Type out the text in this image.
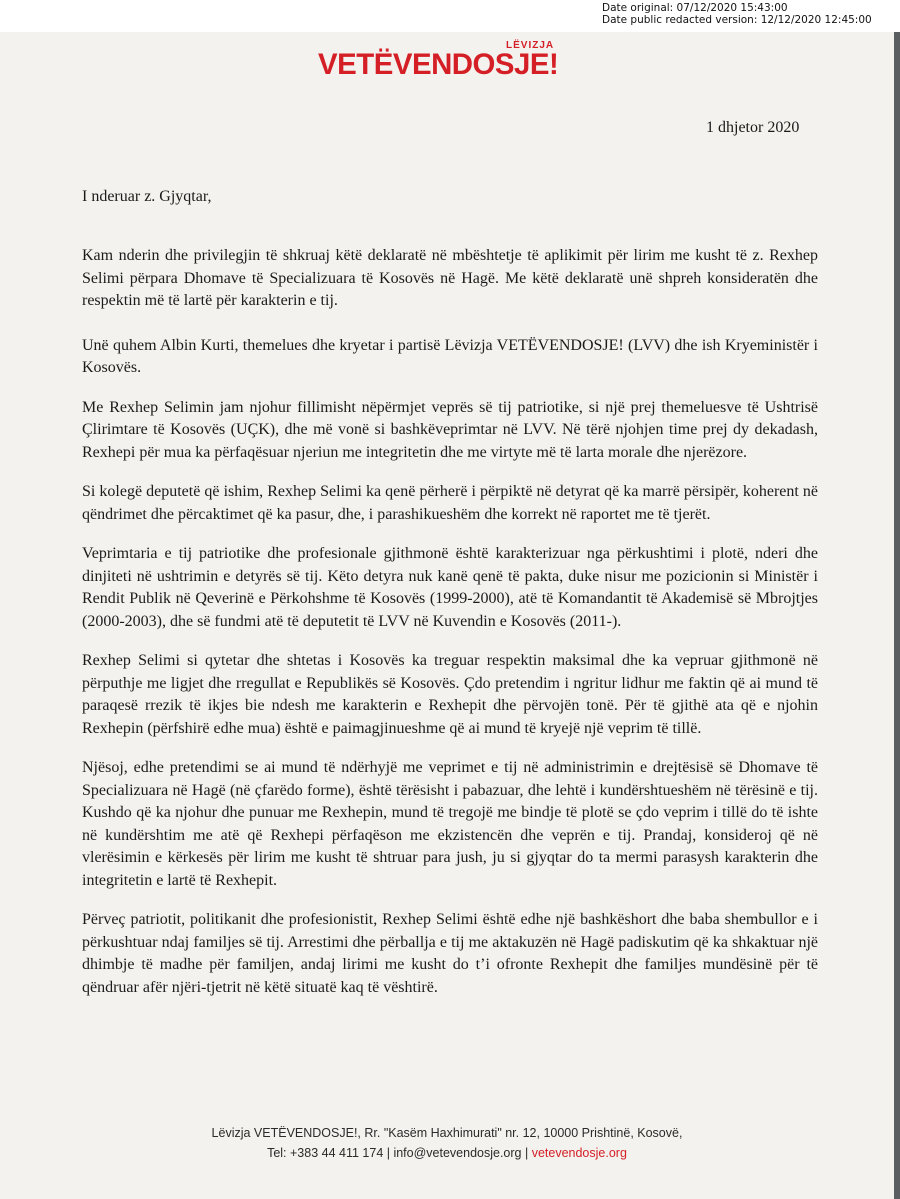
Date original: 07/12/2020 15:43:00
Date public redacted version: 12/12/2020 12:45:00
LËVIZJA
VETËVENDOSJE!
1 dhjetor 2020
I nderuar z. Gjyqtar,

Kam nderin dhe privilegjin të shkruaj këtë deklaratë në mbështetje të aplikimit për lirim me kusht të z. Rexhep Selimi përpara Dhomave të Specializuara të Kosovës në Hagë. Me këtë deklaratë unë shpreh konsideratën dhe respektin më të lartë për karakterin e tij.

Unë quhem Albin Kurti, themelues dhe kryetar i partisë Lëvizja VETËVENDOSJE! (LVV) dhe ish Kryeministër i Kosovës.

Me Rexhep Selimin jam njohur fillimisht nëpërmjet veprës së tij patriotike, si një prej themeluesve të Ushtrisë Çlirimtare të Kosovës (UÇK), dhe më vonë si bashkëveprimtar në LVV. Në tërë njohjen time prej dy dekadash, Rexhepi për mua ka përfaqësuar njeriun me integritetin dhe me virtyte më të larta morale dhe njerëzore.

Si kolegë deputetë që ishim, Rexhep Selimi ka qenë përherë i përpiktë në detyrat që ka marrë përsipër, koherent në qëndrimet dhe përcaktimet që ka pasur, dhe, i parashikueshëm dhe korrekt në raportet me të tjerët.

Veprimtaria e tij patriotike dhe profesionale gjithmonë është karakterizuar nga përkushtimi i plotë, nderi dhe dinjiteti në ushtrimin e detyrës së tij. Këto detyra nuk kanë qenë të pakta, duke nisur me pozicionin si Ministër i Rendit Publik në Qeverinë e Përkohshme të Kosovës (1999-2000), atë të Komandantit të Akademisë së Mbrojtjes (2000-2003), dhe së fundmi atë të deputetit të LVV në Kuvendin e Kosovës (2011-).

Rexhep Selimi si qytetar dhe shtetas i Kosovës ka treguar respektin maksimal dhe ka vepruar gjithmonë në përputhje me ligjet dhe rregullat e Republikës së Kosovës. Çdo pretendim i ngritur lidhur me faktin që ai mund të paraqesë rrezik të ikjes bie ndesh me karakterin e Rexhepit dhe përvojën tonë. Për të gjithë ata që e njohin Rexhepin (përfshirë edhe mua) është e paimagjinueshme që ai mund të kryejë një veprim të tillë.

Njësoj, edhe pretendimi se ai mund të ndërhyjë me veprimet e tij në administrimin e drejtësisë së Dhomave të Specializuara në Hagë (në çfarëdo forme), është tërësisht i pabazuar, dhe lehtë i kundërshtueshëm në tërësinë e tij. Kushdo që ka njohur dhe punuar me Rexhepin, mund të tregojë me bindje të plotë se çdo veprim i tillë do të ishte në kundërshtim me atë që Rexhepi përfaqëson me ekzistencën dhe veprën e tij. Prandaj, konsideroj që në vlerësimin e kërkesës për lirim me kusht të shtruar para jush, ju si gjyqtar do ta mermi parasysh karakterin dhe integritetin e lartë të Rexhepit.

Përveç patriotit, politikanit dhe profesionistit, Rexhep Selimi është edhe një bashkëshort dhe baba shembullor e i përkushtuar ndaj familjes së tij. Arrestimi dhe përballja e tij me aktakuzën në Hagë padiskutim që ka shkaktuar një dhimbje të madhe për familjen, andaj lirimi me kusht do t’i ofronte Rexhepit dhe familjes mundësinë për të qëndruar afër njëri-tjetrit në këtë situatë kaq të vështirë.

Lëvizja VETËVENDOSJE!, Rr. "Kasëm Haxhimurati" nr. 12, 10000 Prishtinë, Kosovë,
Tel: +383 44 411 174 | info@vetevendosje.org | vetevendosje.org
